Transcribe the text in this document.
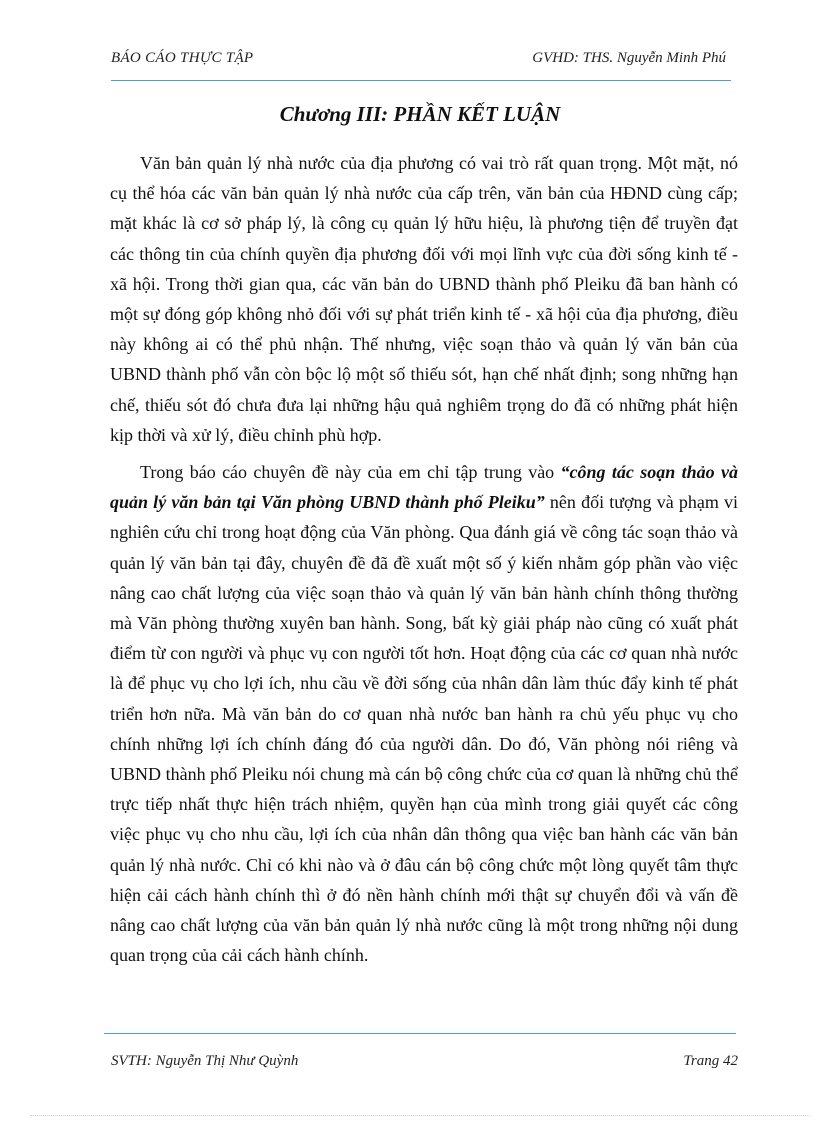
BÁO CÁO THỰC TẬP	GVHD: THS. Nguyễn Minh Phú
Chương III: PHẦN KẾT LUẬN

Văn bản quản lý nhà nước của địa phương có vai trò rất quan trọng. Một mặt, nó cụ thể hóa các văn bản quản lý nhà nước của cấp trên, văn bản của HĐND cùng cấp; mặt khác là cơ sở pháp lý, là công cụ quản lý hữu hiệu, là phương tiện để truyền đạt các thông tin của chính quyền địa phương đối với mọi lĩnh vực của đời sống kinh tế - xã hội. Trong thời gian qua, các văn bản do UBND thành phố Pleiku đã ban hành có một sự đóng góp không nhỏ đối với sự phát triển kinh tế - xã hội của địa phương, điều này không ai có thể phủ nhận. Thế nhưng, việc soạn thảo và quản lý văn bản của UBND thành phố vẫn còn bộc lộ một số thiếu sót, hạn chế nhất định; song những hạn chế, thiếu sót đó chưa đưa lại những hậu quả nghiêm trọng do đã có những phát hiện kịp thời và xử lý, điều chỉnh phù hợp.

Trong báo cáo chuyên đề này của em chỉ tập trung vào “công tác soạn thảo và quản lý văn bản tại Văn phòng UBND thành phố Pleiku” nên đối tượng và phạm vi nghiên cứu chỉ trong hoạt động của Văn phòng. Qua đánh giá về công tác soạn thảo và quản lý văn bản tại đây, chuyên đề đã đề xuất một số ý kiến nhằm góp phần vào việc nâng cao chất lượng của việc soạn thảo và quản lý văn bản hành chính thông thường mà Văn phòng thường xuyên ban hành. Song, bất kỳ giải pháp nào cũng có xuất phát điểm từ con người và phục vụ con người tốt hơn. Hoạt động của các cơ quan nhà nước là để phục vụ cho lợi ích, nhu cầu về đời sống của nhân dân làm thúc đẩy kinh tế phát triển hơn nữa. Mà văn bản do cơ quan nhà nước ban hành ra chủ yếu phục vụ cho chính những lợi ích chính đáng đó của người dân. Do đó, Văn phòng nói riêng và UBND thành phố Pleiku nói chung mà cán bộ công chức của cơ quan là những chủ thể trực tiếp nhất thực hiện trách nhiệm, quyền hạn của mình trong giải quyết các công việc phục vụ cho nhu cầu, lợi ích của nhân dân thông qua việc ban hành các văn bản quản lý nhà nước. Chỉ có khi nào và ở đâu cán bộ công chức một lòng quyết tâm thực hiện cải cách hành chính thì ở đó nền hành chính mới thật sự chuyển đổi và vấn đề nâng cao chất lượng của văn bản quản lý nhà nước cũng là một trong những nội dung quan trọng của cải cách hành chính.

SVTH: Nguyễn Thị Như Quỳnh	Trang 42
